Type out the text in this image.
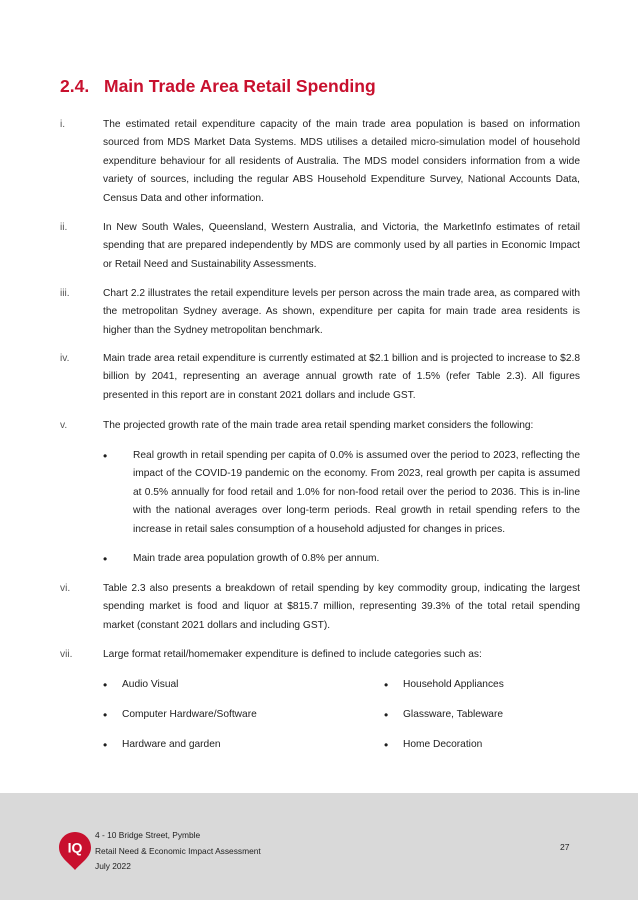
2.4. Main Trade Area Retail Spending
i.	The estimated retail expenditure capacity of the main trade area population is based on information sourced from MDS Market Data Systems. MDS utilises a detailed micro-simulation model of household expenditure behaviour for all residents of Australia. The MDS model considers information from a wide variety of sources, including the regular ABS Household Expenditure Survey, National Accounts Data, Census Data and other information.
ii.	In New South Wales, Queensland, Western Australia, and Victoria, the MarketInfo estimates of retail spending that are prepared independently by MDS are commonly used by all parties in Economic Impact or Retail Need and Sustainability Assessments.
iii.	Chart 2.2 illustrates the retail expenditure levels per person across the main trade area, as compared with the metropolitan Sydney average. As shown, expenditure per capita for main trade area residents is higher than the Sydney metropolitan benchmark.
iv.	Main trade area retail expenditure is currently estimated at $2.1 billion and is projected to increase to $2.8 billion by 2041, representing an average annual growth rate of 1.5% (refer Table 2.3). All figures presented in this report are in constant 2021 dollars and include GST.
v.	The projected growth rate of the main trade area retail spending market considers the following:
•	Real growth in retail spending per capita of 0.0% is assumed over the period to 2023, reflecting the impact of the COVID-19 pandemic on the economy. From 2023, real growth per capita is assumed at 0.5% annually for food retail and 1.0% for non-food retail over the period to 2036. This is in-line with the national averages over long-term periods. Real growth in retail spending refers to the increase in retail sales consumption of a household adjusted for changes in prices.
•	Main trade area population growth of 0.8% per annum.
vi.	Table 2.3 also presents a breakdown of retail spending by key commodity group, indicating the largest spending market is food and liquor at $815.7 million, representing 39.3% of the total retail spending market (constant 2021 dollars and including GST).
vii.	Large format retail/homemaker expenditure is defined to include categories such as:
•	Audio Visual
•	Computer Hardware/Software
•	Hardware and garden
•	Household Appliances
•	Glassware, Tableware
•	Home Decoration
IQ
4 - 10 Bridge Street, Pymble
Retail Need & Economic Impact Assessment
July 2022
27
